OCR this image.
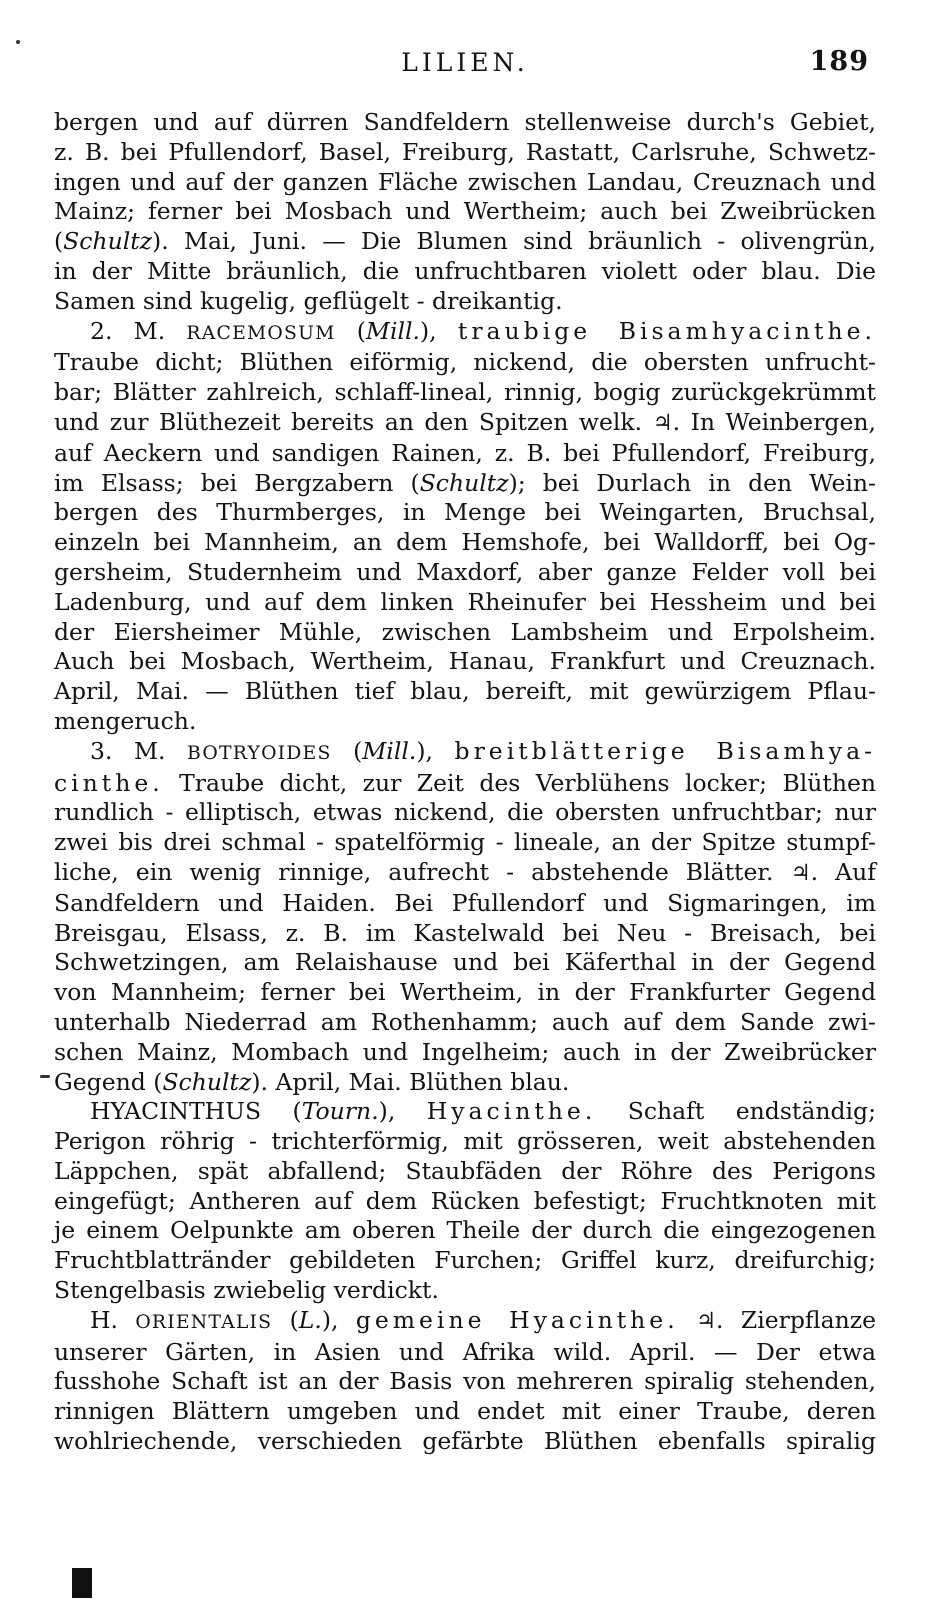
LILIEN.	189
bergen und auf dürren Sandfeldern stellenweise durch's Gebiet,
z. B. bei Pfullendorf, Basel, Freiburg, Rastatt, Carlsruhe, Schwetz-
ingen und auf der ganzen Fläche zwischen Landau, Creuznach und
Mainz; ferner bei Mosbach und Wertheim; auch bei Zweibrücken
(Schultz). Mai, Juni. — Die Blumen sind bräunlich - olivengrün,
in der Mitte bräunlich, die unfruchtbaren violett oder blau. Die
Samen sind kugelig, geflügelt - dreikantig.
2. M. RACEMOSUM (Mill.), traubige Bisamhyacinthe.
Traube dicht; Blüthen eiförmig, nickend, die obersten unfrucht-
bar; Blätter zahlreich, schlaff-lineal, rinnig, bogig zurückgekrümmt
und zur Blüthezeit bereits an den Spitzen welk. ♃. In Weinbergen,
auf Aeckern und sandigen Rainen, z. B. bei Pfullendorf, Freiburg,
im Elsass; bei Bergzabern (Schultz); bei Durlach in den Wein-
bergen des Thurmberges, in Menge bei Weingarten, Bruchsal,
einzeln bei Mannheim, an dem Hemshofe, bei Walldorff, bei Og-
gersheim, Studernheim und Maxdorf, aber ganze Felder voll bei
Ladenburg, und auf dem linken Rheinufer bei Hessheim und bei
der Eiersheimer Mühle, zwischen Lambsheim und Erpolsheim.
Auch bei Mosbach, Wertheim, Hanau, Frankfurt und Creuznach.
April, Mai. — Blüthen tief blau, bereift, mit gewürzigem Pflau-
mengeruch.
3. M. BOTRYOIDES (Mill.), breitblätterige Bisamhya-
cinthe. Traube dicht, zur Zeit des Verblühens locker; Blüthen
rundlich - elliptisch, etwas nickend, die obersten unfruchtbar; nur
zwei bis drei schmal - spatelförmig - lineale, an der Spitze stumpf-
liche, ein wenig rinnige, aufrecht - abstehende Blätter. ♃. Auf
Sandfeldern und Haiden. Bei Pfullendorf und Sigmaringen, im
Breisgau, Elsass, z. B. im Kastelwald bei Neu - Breisach, bei
Schwetzingen, am Relaishause und bei Käferthal in der Gegend
von Mannheim; ferner bei Wertheim, in der Frankfurter Gegend
unterhalb Niederrad am Rothenhamm; auch auf dem Sande zwi-
schen Mainz, Mombach und Ingelheim; auch in der Zweibrücker
Gegend (Schultz). April, Mai. Blüthen blau.
HYACINTHUS (Tourn.), Hyacinthe. Schaft endständig;
Perigon röhrig - trichterförmig, mit grösseren, weit abstehenden
Läppchen, spät abfallend; Staubfäden der Röhre des Perigons
eingefügt; Antheren auf dem Rücken befestigt; Fruchtknoten mit
je einem Oelpunkte am oberen Theile der durch die eingezogenen
Fruchtblattränder gebildeten Furchen; Griffel kurz, dreifurchig;
Stengelbasis zwiebelig verdickt.
H. ORIENTALIS (L.), gemeine Hyacinthe. ♃. Zierpflanze
unserer Gärten, in Asien und Afrika wild. April. — Der etwa
fusshohe Schaft ist an der Basis von mehreren spiralig stehenden,
rinnigen Blättern umgeben und endet mit einer Traube, deren
wohlriechende, verschieden gefärbte Blüthen ebenfalls spiralig
